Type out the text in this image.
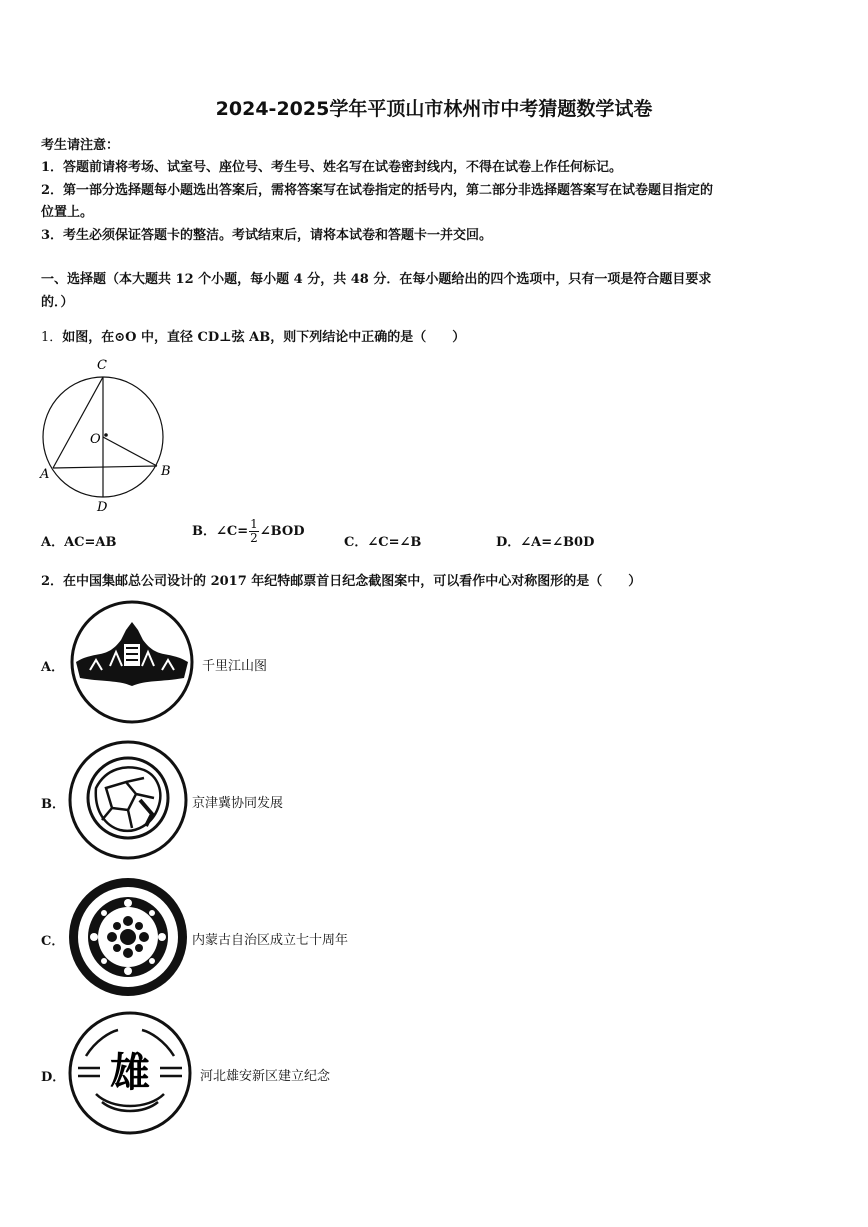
2024-2025学年平顶山市林州市中考猜题数学试卷
考生请注意：
1．答题前请将考场、试室号、座位号、考生号、姓名写在试卷密封线内，不得在试卷上作任何标记。
2．第一部分选择题每小题选出答案后，需将答案写在试卷指定的括号内，第二部分非选择题答案写在试卷题目指定的
位置上。
3．考生必须保证答题卡的整洁。考试结束后，请将本试卷和答题卡一并交回。
一、选择题（本大题共 12 个小题，每小题 4 分，共 48 分．在每小题给出的四个选项中，只有一项是符合题目要求
的．）
1．如图，在⊙O 中，直径 CD⊥弦 AB，则下列结论中正确的是（　　）
C
O
A	B
D
A．AC=AB
B．∠C= $\frac{1}{2}$ ∠BOD
C．∠C=∠B	D．∠A=∠B0D
2．在中国集邮总公司设计的 2017 年纪特邮票首日纪念截图案中，可以看作中心对称图形的是（　　）
A．	千里江山图
B．	京津冀协同发展
C．	内蒙古自治区成立七十周年
D． 雄	河北雄安新区建立纪念
